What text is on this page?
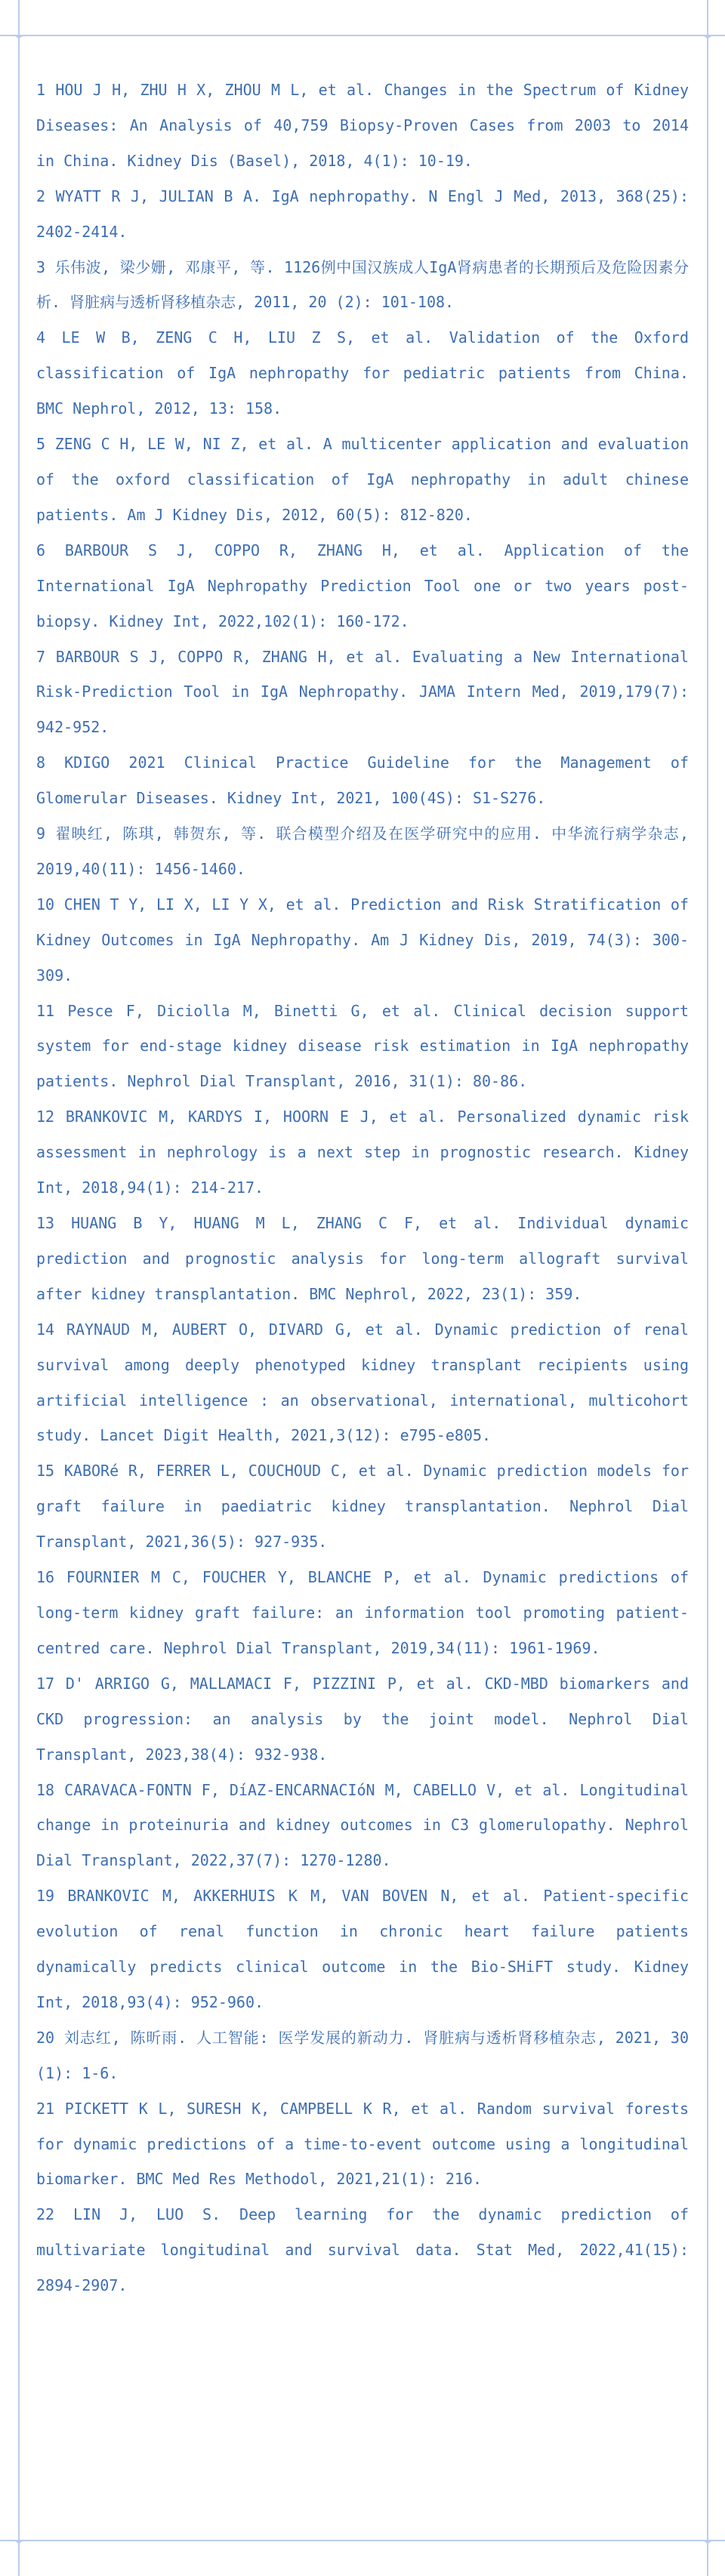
✦	✦
✦	✦
1 HOU J H, ZHU H X, ZHOU M L, et al. Changes in the Spectrum of Kidney Diseases: An Analysis of 40,759 Biopsy-Proven Cases from 2003 to 2014 in China. Kidney Dis (Basel), 2018, 4(1): 10-19.
2 WYATT R J, JULIAN B A. IgA nephropathy. N Engl J Med, 2013, 368(25): 2402-2414.
3 乐伟波, 梁少姗, 邓康平, 等. 1126例中国汉族成人IgA肾病患者的长期预后及危险因素分析. 肾脏病与透析肾移植杂志, 2011, 20 (2): 101-108.
4 LE W B, ZENG C H, LIU Z S, et al. Validation of the Oxford classification of IgA nephropathy for pediatric patients from China. BMC Nephrol, 2012, 13: 158.
5 ZENG C H, LE W, NI Z, et al. A multicenter application and evaluation of the oxford classification of IgA nephropathy in adult chinese patients. Am J Kidney Dis, 2012, 60(5): 812-820.
6 BARBOUR S J, COPPO R, ZHANG H, et al. Application of the International IgA Nephropathy Prediction Tool one or two years post-biopsy. Kidney Int, 2022,102(1): 160-172.
7 BARBOUR S J, COPPO R, ZHANG H, et al. Evaluating a New International Risk-Prediction Tool in IgA Nephropathy. JAMA Intern Med, 2019,179(7): 942-952.
8 KDIGO 2021 Clinical Practice Guideline for the Management of Glomerular Diseases. Kidney Int, 2021, 100(4S): S1-S276.
9 翟映红, 陈琪, 韩贺东, 等. 联合模型介绍及在医学研究中的应用. 中华流行病学杂志, 2019,40(11): 1456-1460.
10 CHEN T Y, LI X, LI Y X, et al. Prediction and Risk Stratification of Kidney Outcomes in IgA Nephropathy. Am J Kidney Dis, 2019, 74(3): 300-309.
11 Pesce F, Diciolla M, Binetti G, et al. Clinical decision support system for end-stage kidney disease risk estimation in IgA nephropathy patients. Nephrol Dial Transplant, 2016, 31(1): 80-86.
12 BRANKOVIC M, KARDYS I, HOORN E J, et al. Personalized dynamic risk assessment in nephrology is a next step in prognostic research. Kidney Int, 2018,94(1): 214-217.
13 HUANG B Y, HUANG M L, ZHANG C F, et al. Individual dynamic prediction and prognostic analysis for long-term allograft survival after kidney transplantation. BMC Nephrol, 2022, 23(1): 359.
14 RAYNAUD M, AUBERT O, DIVARD G, et al. Dynamic prediction of renal survival among deeply phenotyped kidney transplant recipients using artificial intelligence : an observational, international, multicohort study. Lancet Digit Health, 2021,3(12): e795-e805.
15 KABORé R, FERRER L, COUCHOUD C, et al. Dynamic prediction models for graft failure in paediatric kidney transplantation. Nephrol Dial Transplant, 2021,36(5): 927-935.
16 FOURNIER M C, FOUCHER Y, BLANCHE P, et al. Dynamic predictions of long-term kidney graft failure: an information tool promoting patient-centred care. Nephrol Dial Transplant, 2019,34(11): 1961-1969.
17 D' ARRIGO G, MALLAMACI F, PIZZINI P, et al. CKD-MBD biomarkers and CKD progression: an analysis by the joint model. Nephrol Dial Transplant, 2023,38(4): 932-938.
18 CARAVACA-FONTN F, DíAZ-ENCARNACIóN M, CABELLO V, et al. Longitudinal change in proteinuria and kidney outcomes in C3 glomerulopathy. Nephrol Dial Transplant, 2022,37(7): 1270-1280.
19 BRANKOVIC M, AKKERHUIS K M, VAN BOVEN N, et al. Patient-specific evolution of renal function in chronic heart failure patients dynamically predicts clinical outcome in the Bio-SHiFT study. Kidney Int, 2018,93(4): 952-960.
20 刘志红, 陈昕雨. 人工智能: 医学发展的新动力. 肾脏病与透析肾移植杂志, 2021, 30 (1): 1-6.
21 PICKETT K L, SURESH K, CAMPBELL K R, et al. Random survival forests for dynamic predictions of a time-to-event outcome using a longitudinal biomarker. BMC Med Res Methodol, 2021,21(1): 216.
22 LIN J, LUO S. Deep learning for the dynamic prediction of multivariate longitudinal and survival data. Stat Med, 2022,41(15): 2894-2907.
